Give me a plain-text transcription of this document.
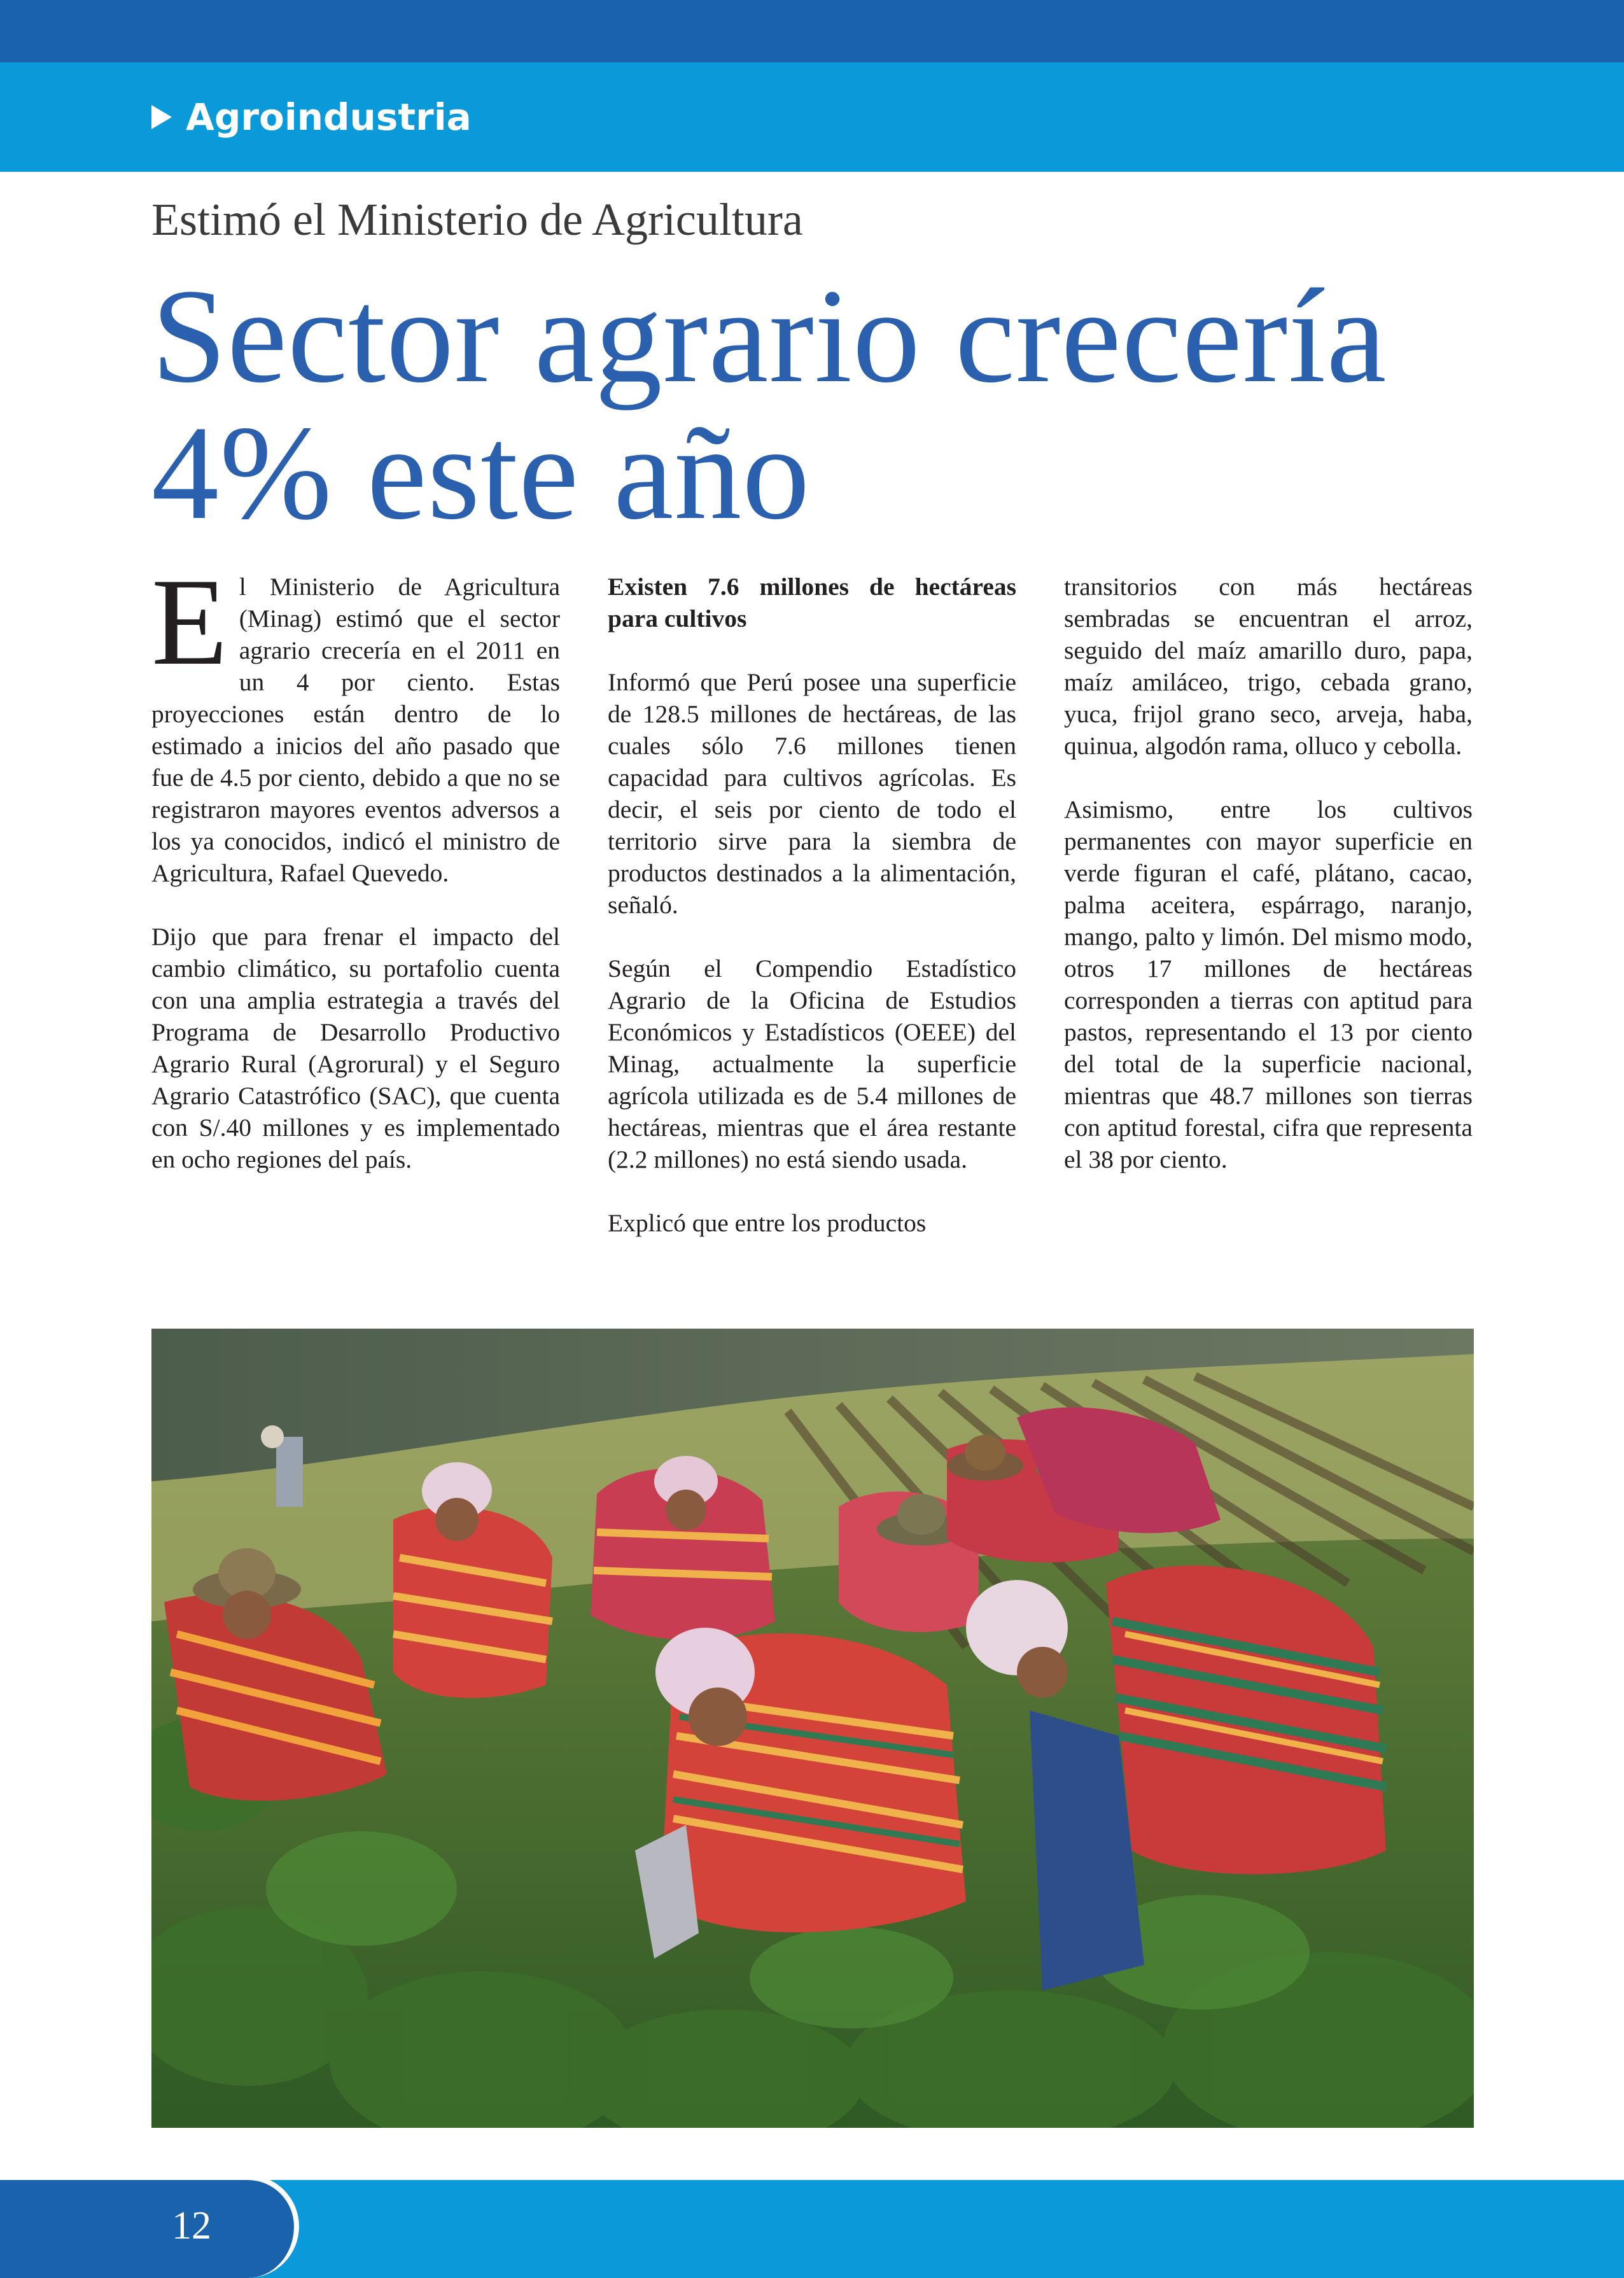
Agroindustria
Estimó el Ministerio de Agricultura
Sector agrario crecería
4% este año

El Ministerio de Agricultura (Minag) estimó que el sector agrario crecería en el 2011 en un 4 por ciento. Estas proyecciones están dentro de lo estimado a inicios del año pasado que fue de 4.5 por ciento, debido a que no se registraron mayores eventos adversos a los ya conocidos, indicó el ministro de Agricultura, Rafael Quevedo.

Dijo que para frenar el impacto del cambio climático, su portafolio cuenta con una amplia estrategia a través del Programa de Desarrollo Productivo Agrario Rural (Agrorural) y el Seguro Agrario Catastrófico (SAC), que cuenta con S/.40 millones y es implementado en ocho regiones del país.

Existen 7.6 millones de hectáreas para cultivos

Informó que Perú posee una superficie de 128.5 millones de hectáreas, de las cuales sólo 7.6 millones tienen capacidad para cultivos agrícolas. Es decir, el seis por ciento de todo el territorio sirve para la siembra de productos destinados a la alimentación, señaló.

Según el Compendio Estadístico Agrario de la Oficina de Estudios Económicos y Estadísticos (OEEE) del Minag, actualmente la superficie agrícola utilizada es de 5.4 millones de hectáreas, mientras que el área restante (2.2 millones) no está siendo usada.

Explicó que entre los productos

transitorios con más hectáreas sembradas se encuentran el arroz, seguido del maíz amarillo duro, papa, maíz amiláceo, trigo, cebada grano, yuca, frijol grano seco, arveja, haba, quinua, algodón rama, olluco y cebolla.

Asimismo, entre los cultivos permanentes con mayor superficie en verde figuran el café, plátano, cacao, palma aceitera, espárrago, naranjo, mango, palto y limón. Del mismo modo, otros 17 millones de hectáreas corresponden a tierras con aptitud para pastos, representando el 13 por ciento del total de la superficie nacional, mientras que 48.7 millones son tierras con aptitud forestal, cifra que representa el 38 por ciento.

12
